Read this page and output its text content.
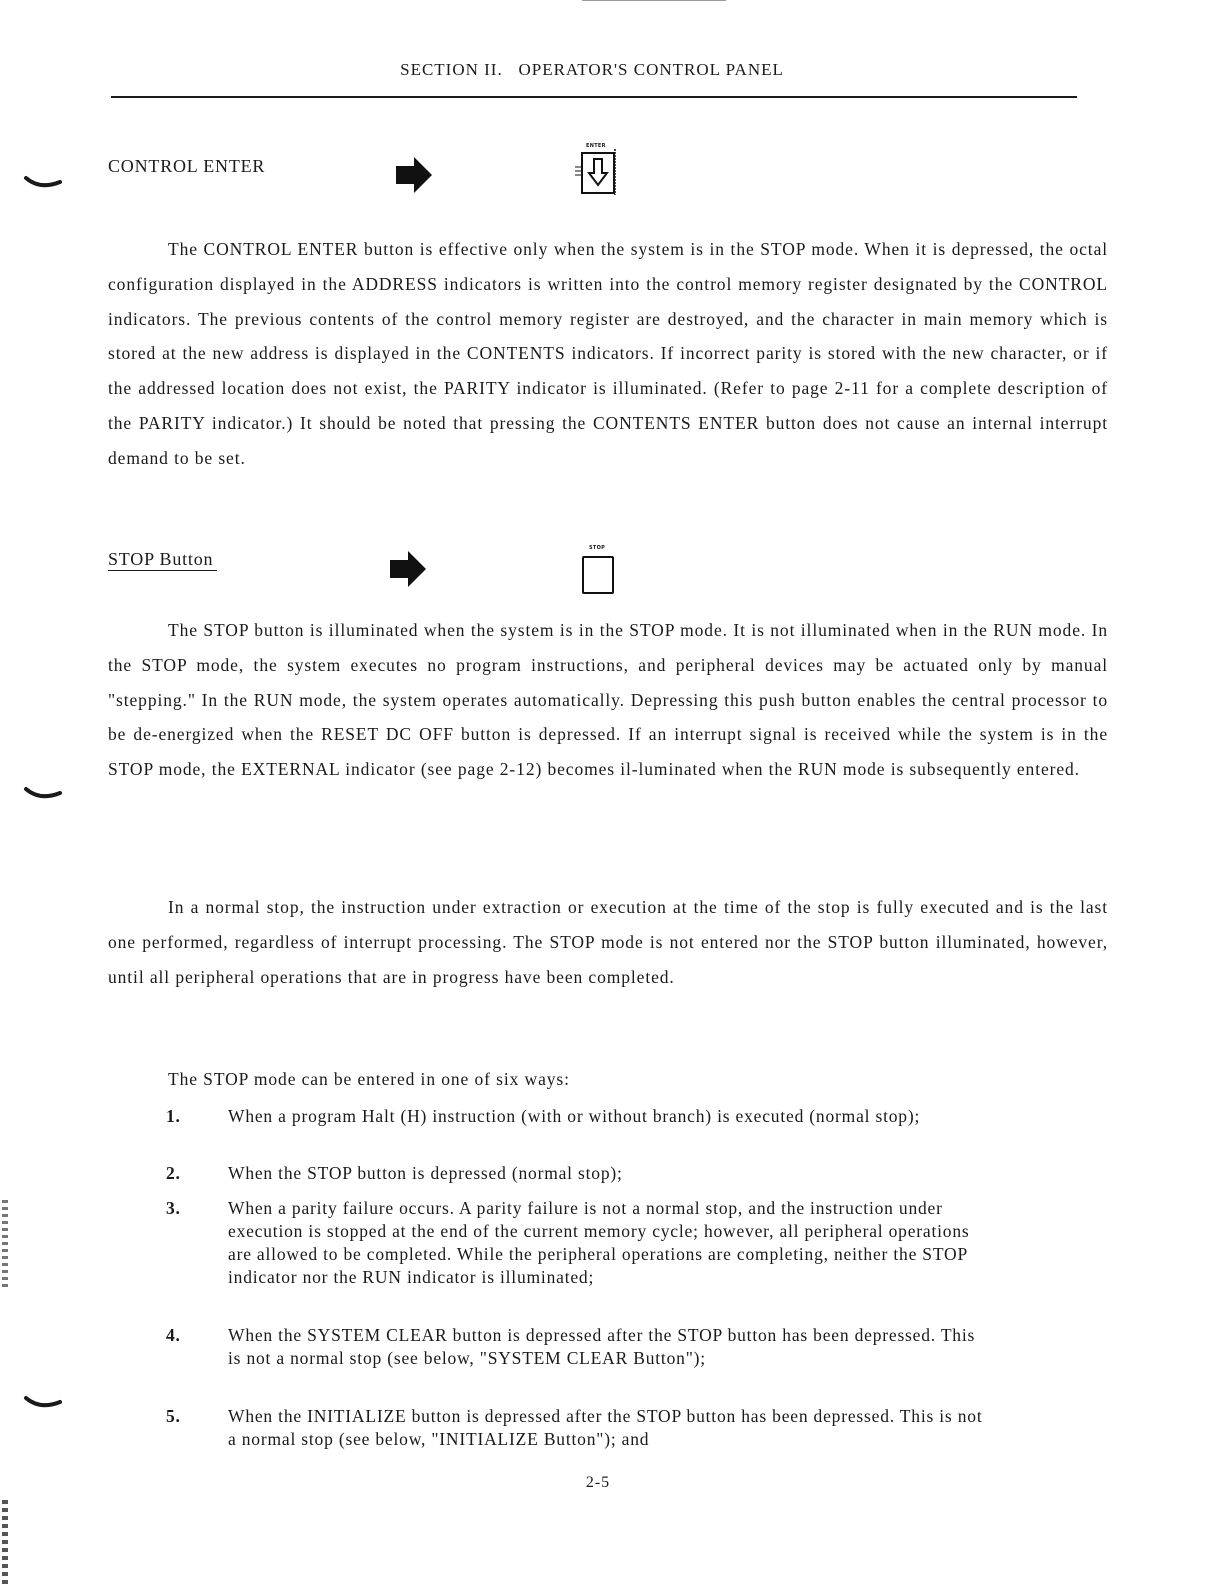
SECTION II.   OPERATOR'S CONTROL PANEL
CONTROL ENTER
ENTER
The CONTROL ENTER button is effective only when the system is in the STOP mode. When it is depressed, the octal configuration displayed in the ADDRESS indicators is written into the control memory register designated by the CONTROL indicators. The previous contents of the control memory register are destroyed, and the character in main memory which is stored at the new address is displayed in the CONTENTS indicators. If incorrect parity is stored with the new character, or if the addressed location does not exist, the PARITY indicator is illuminated. (Refer to page 2-11 for a complete description of the PARITY indicator.) It should be noted that pressing the CONTENTS ENTER button does not cause an internal interrupt demand to be set.
STOP Button
STOP
The STOP button is illuminated when the system is in the STOP mode. It is not illuminated when in the RUN mode. In the STOP mode, the system executes no program instructions, and peripheral devices may be actuated only by manual "stepping." In the RUN mode, the system operates automatically. Depressing this push button enables the central processor to be de-energized when the RESET DC OFF button is depressed. If an interrupt signal is received while the system is in the STOP mode, the EXTERNAL indicator (see page 2-12) becomes il-luminated when the RUN mode is subsequently entered.
In a normal stop, the instruction under extraction or execution at the time of the stop is fully executed and is the last one performed, regardless of interrupt processing. The STOP mode is not entered nor the STOP button illuminated, however, until all peripheral operations that are in progress have been completed.
The STOP mode can be entered in one of six ways:
1.	When a program Halt (H) instruction (with or without branch) is executed (normal stop);
2.	When the STOP button is depressed (normal stop);
3.	When a parity failure occurs. A parity failure is not a normal stop, and the instruction under execution is stopped at the end of the current memory cycle; however, all peripheral operations are allowed to be completed. While the peripheral operations are completing, neither the STOP indicator nor the RUN indicator is illuminated;
4.	When the SYSTEM CLEAR button is depressed after the STOP button has been depressed. This is not a normal stop (see below, "SYSTEM CLEAR Button");
5.	When the INITIALIZE button is depressed after the STOP button has been depressed. This is not a normal stop (see below, "INITIALIZE Button"); and
2-5
